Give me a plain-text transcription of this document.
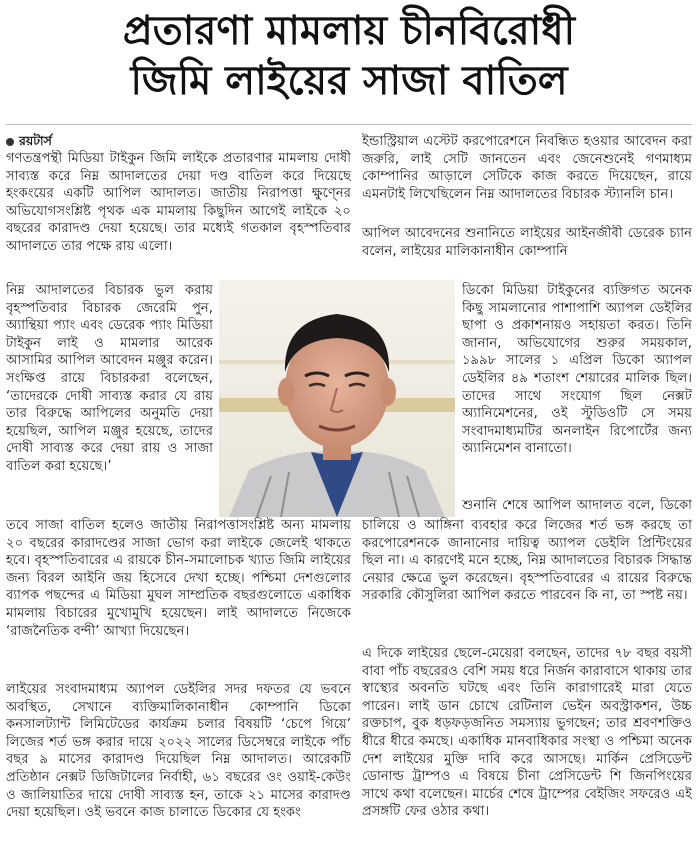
প্রতারণা মামলায় চীনবিরোধী
জিমি লাইয়ের সাজা বাতিল
রয়টার্স

গণতন্ত্রপন্থী মিডিয়া টাইকুন জিমি লাইকে প্রতারণার মামলায় দোষী সাব্যস্ত করে নিম্ন আদালতের দেয়া দণ্ড বাতিল করে দিয়েছে হংকংয়ের একটি আপিল আদালত। জাতীয় নিরাপত্তা ক্ষুণ্নের অভিযোগসংশ্লিষ্ট পৃথক এক মামলায় কিছুদিন আগেই লাইকে ২০ বছরের কারাদণ্ড দেয়া হয়েছে। তার মধ্যেই গতকাল বৃহস্পতিবার আদালতে তার পক্ষে রায় এলো।

নিম্ন আদালতের বিচারক ভুল করায় বৃহস্পতিবার বিচারক জেরেমি পুন, অ্যান্থিয়া প্যাং এবং ডেরেক প্যাং মিডিয়া টাইকুন লাই ও মামলার আরেক আসামির আপিল আবেদন মঞ্জুর করেন। সংক্ষিপ্ত রায়ে বিচারকরা বলেছেন, ‘তাদেরকে দোষী সাব্যস্ত করার যে রায় তার বিরুদ্ধে আপিলের অনুমতি দেয়া হয়েছিল, আপিল মঞ্জুর হয়েছে, তাদের দোষী সাব্যস্ত করে দেয়া রায় ও সাজা বাতিল করা হয়েছে।’

তবে সাজা বাতিল হলেও জাতীয় নিরাপত্তাসংশ্লিষ্ট অন্য মামলায় ২০ বছরের কারাদণ্ডের সাজা ভোগ করা লাইকে জেলেই থাকতে হবে। বৃহস্পতিবারের এ রায়কে চীন-সমালোচক খ্যাত জিমি লাইয়ের জন্য বিরল আইনি জয় হিসেবে দেখা হচ্ছে। পশ্চিমা দেশগুলোর ব্যাপক পছন্দের এ মিডিয়া মুঘল সাম্প্রতিক বছরগুলোতে একাধিক মামলায় বিচারের মুখোমুখি হয়েছেন। লাই আদালতে নিজেকে ‘রাজনৈতিক বন্দী’ আখ্যা দিয়েছেন।

লাইয়ের সংবাদমাধ্যম অ্যাপল ডেইলির সদর দফতর যে ভবনে অবস্থিত, সেখানে ব্যক্তিমালিকানাধীন কোম্পানি ডিকো কনসালট্যান্ট লিমিটেডের কার্যক্রম চলার বিষয়টি ‘চেপে গিয়ে’ লিজের শর্ত ভঙ্গ করার দায়ে ২০২২ সালের ডিসেম্বরে লাইকে পাঁচ বছর ৯ মাসের কারাদণ্ড দিয়েছিল নিম্ন আদালত। আরেকটি প্রতিষ্ঠান নেক্সট ডিজিটালের নির্বাহী, ৬১ বছরের ওং ওয়াই-কেউং ও জালিয়াতির দায়ে দোষী সাব্যস্ত হন, তাকে ২১ মাসের কারাদণ্ড দেয়া হয়েছিল। ওই ভবনে কাজ চালাতে ডিকোর যে হংকং

ইন্ডাস্ট্রিয়াল এস্টেট করপোরেশনে নিবন্ধিত হওয়ার আবেদন করা জরুরি, লাই সেটি জানতেন এবং জেনেশুনেই গণমাধ্যম কোম্পানির আড়ালে সেটিকে কাজ করতে দিয়েছেন, রায়ে এমনটাই লিখেছিলেন নিম্ন আদালতের বিচারক স্ট্যানলি চান।

আপিল আবেদনের শুনানিতে লাইয়ের আইনজীবী ডেরেক চ্যান বলেন, লাইয়ের মালিকানাধীন কোম্পানি

ডিকো মিডিয়া টাইকুনের ব্যক্তিগত অনেক কিছু সামলানোর পাশাপাশি অ্যাপল ডেইলির ছাপা ও প্রকাশনায়ও সহায়তা করত। তিনি জানান, অভিযোগের শুরুর সময়কাল, ১৯৯৮ সালের ১ এপ্রিল ডিকো অ্যাপল ডেইলির ৪৯ শতাংশ শেয়ারের মালিক ছিল। তাদের সাথে সংযোগ ছিল নেক্সট অ্যানিমেশনের, ওই স্টুডিওটি সে সময় সংবাদমাধ্যমটির অনলাইন রিপোর্টের জন্য অ্যানিমেশন বানাতো।

শুনানি শেষে আপিল আদালত বলে, ডিকো

চালিয়ে ও আঙ্গিনা ব্যবহার করে লিজের শর্ত ভঙ্গ করছে তা করপোরেশনকে জানানোর দায়িত্ব অ্যাপল ডেইলি প্রিন্টিংয়ের ছিল না। এ কারণেই মনে হচ্ছে, নিম্ন আদালতের বিচারক সিদ্ধান্ত নেয়ার ক্ষেত্রে ভুল করেছেন। বৃহস্পতিবারের এ রায়ের বিরুদ্ধে সরকারি কৌসুলিরা আপিল করতে পারবেন কি না, তা স্পষ্ট নয়।

এ দিকে লাইয়ের ছেলে-মেয়েরা বলছেন, তাদের ৭৮ বছর বয়সী বাবা পাঁচ বছরেরও বেশি সময় ধরে নির্জন কারাবাসে থাকায় তার স্বাস্থ্যের অবনতি ঘটছে এবং তিনি কারাগারেই মারা যেতে পারেন। লাই ডান চোখে রেটিনাল ভেইন অবস্ট্রাকশন, উচ্চ রক্তচাপ, বুক ধড়ফড়জনিত সমস্যায় ভুগছেন; তার শ্রবণশক্তিও ধীরে ধীরে কমছে। একাধিক মানবাধিকার সংস্থা ও পশ্চিমা অনেক দেশ লাইয়ের মুক্তি দাবি করে আসছে। মার্কিন প্রেসিডেন্ট ডোনাল্ড ট্রাম্পও এ বিষয়ে চীনা প্রেসিডেন্ট শি জিনপিংয়ের সাথে কথা বলেছেন। মার্চের শেষে ট্রাম্পের বেইজিং সফরেও এই প্রসঙ্গটি ফের ওঠার কথা।
